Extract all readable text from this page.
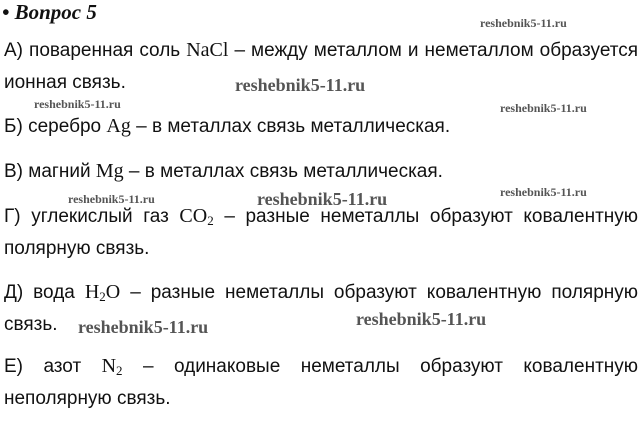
• Вопрос 5
А) поваренная соль NaCl – между металлом и неметаллом образуется ионная связь.
Б) серебро Ag – в металлах связь металлическая.
В) магний Mg – в металлах связь металлическая.
Г) углекислый газ $CO_2$ – разные неметаллы образуют ковалентную полярную связь.
Д) вода $H_2O$ – разные неметаллы образуют ковалентную полярную связь.
Е) азот $N_2$ – одинаковые неметаллы образуют ковалентную неполярную связь.
reshebnik5-11.ru
reshebnik5-11.ru
reshebnik5-11.ru	reshebnik5-11.ru
reshebnik5-11.ru	reshebnik5-11.ru	reshebnik5-11.ru
reshebnik5-11.ru	reshebnik5-11.ru
